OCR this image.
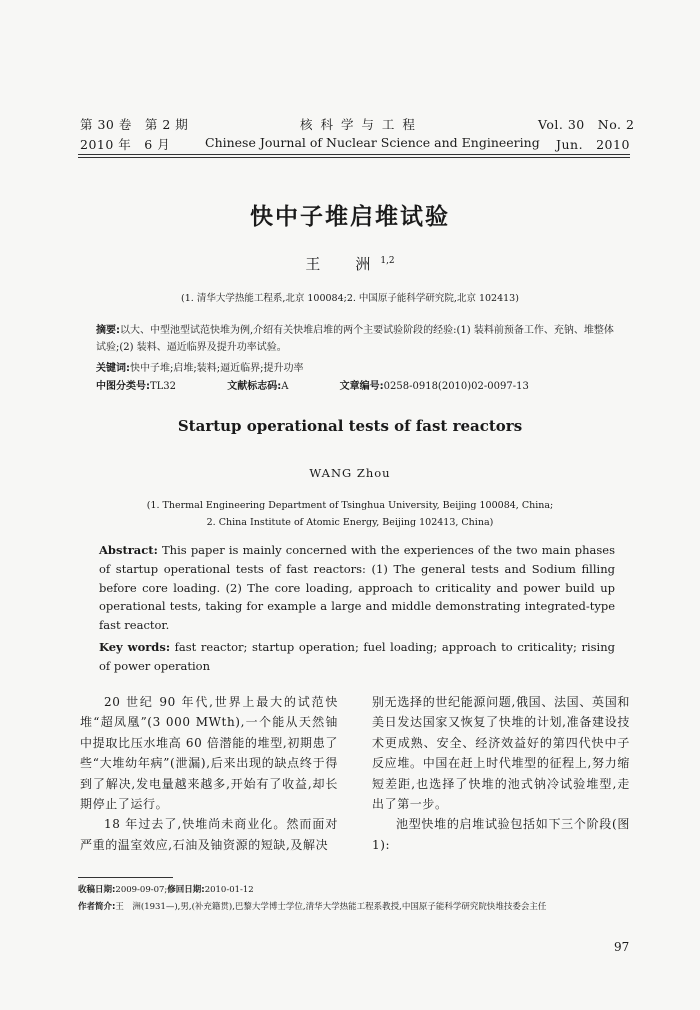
第 30 卷　第 2 期
2010 年　6 月
核 科 学 与 工 程
Chinese Journal of Nuclear Science and Engineering
Vol. 30　No. 2
Jun.　2010
快中子堆启堆试验
王　洲$^{1,2}$
(1. 清华大学热能工程系,北京 100084;2. 中国原子能科学研究院,北京 102413)
摘要:以大、中型池型试范快堆为例,介绍有关快堆启堆的两个主要试验阶段的经验:(1) 装料前预备工作、充钠、堆整体试验;(2) 装料、逼近临界及提升功率试验。
关键词:快中子堆;启堆;装料;逼近临界;提升功率
中图分类号:TL32	文献标志码:A	文章编号:0258-0918(2010)02-0097-13
Startup operational tests of fast reactors
WANG Zhou
(1. Thermal Engineering Department of Tsinghua University, Beijing 100084, China;
2. China Institute of Atomic Energy, Beijing 102413, China)
Abstract: This paper is mainly concerned with the experiences of the two main phases of startup operational tests of fast reactors: (1) The general tests and Sodium filling before core loading. (2) The core loading, approach to criticality and power build up operational tests, taking for example a large and middle demonstrating integrated-type fast reactor.
Key words: fast reactor; startup operation; fuel loading; approach to criticality; rising of power operation

20 世纪 90 年代,世界上最大的试范快堆“超凤凰”(3 000 MWth),一个能从天然铀中提取比压水堆高 60 倍潜能的堆型,初期患了些“大堆幼年病”(泄漏),后来出现的缺点终于得到了解决,发电量越来越多,开始有了收益,却长期停止了运行。

18 年过去了,快堆尚未商业化。然而面对严重的温室效应,石油及铀资源的短缺,及解决

别无选择的世纪能源问题,俄国、法国、英国和美日发达国家又恢复了快堆的计划,准备建设技术更成熟、安全、经济效益好的第四代快中子反应堆。中国在赶上时代堆型的征程上,努力缩短差距,也选择了快堆的池式钠冷试验堆型,走出了第一步。

池型快堆的启堆试验包括如下三个阶段(图 1):

收稿日期:2009-09-07;修回日期:2010-01-12
作者简介:王　洲(1931—),男,(补充籍贯),巴黎大学博士学位,清华大学热能工程系教授,中国原子能科学研究院快堆技委会主任
97
